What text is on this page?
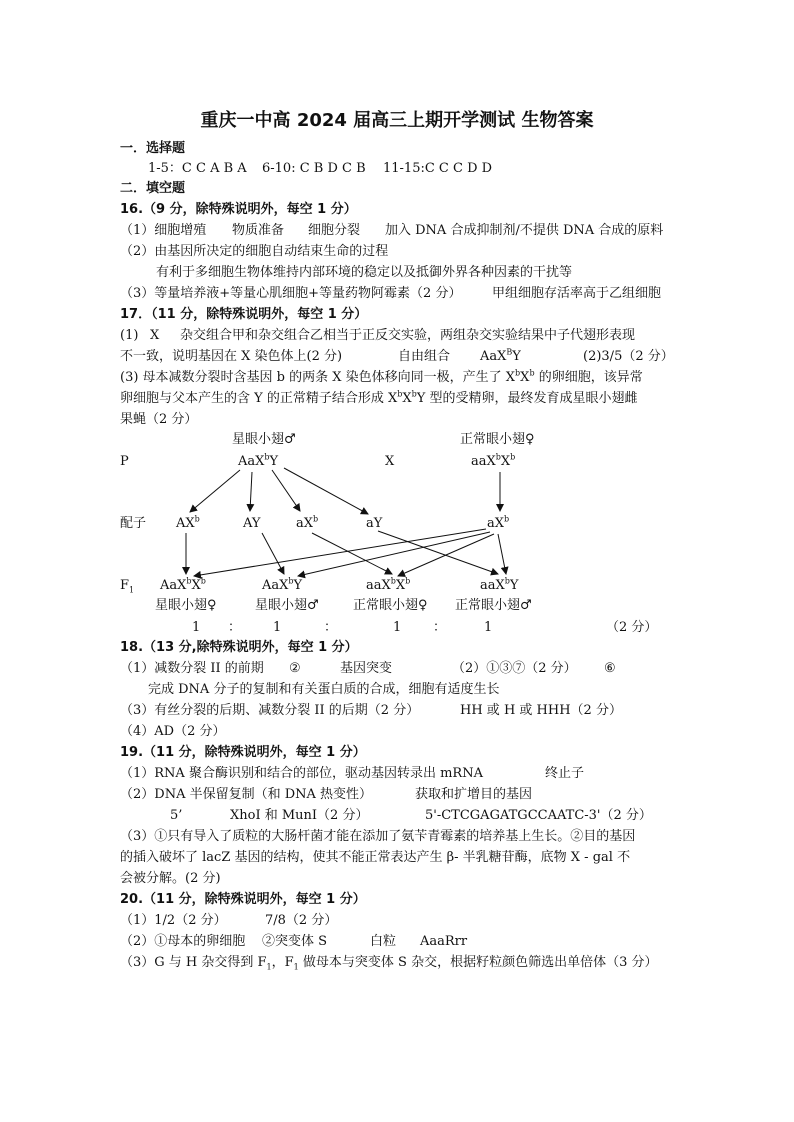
重庆一中高 2024 届高三上期开学测试 生物答案
一．选择题
1-5：C C A B A 6-10: C B D C B 11-15:C C C D D
二．填空题
16.（9 分，除特殊说明外，每空 1 分）
（1）细胞增殖 物质准备 细胞分裂 加入 DNA 合成抑制剂/不提供 DNA 合成的原料
（2）由基因所决定的细胞自动结束生命的过程
有利于多细胞生物体维持内部环境的稳定以及抵御外界各种因素的干扰等
（3）等量培养液+等量心肌细胞+等量药物阿霉素（2 分） 甲组细胞存活率高于乙组细胞
17．（11 分，除特殊说明外，每空 1 分）
(1) X 杂交组合甲和杂交组合乙相当于正反交实验，两组杂交实验结果中子代翅形表现
不一致，说明基因在 X 染色体上(2 分)	自由组合 AaX$^B$Y	(2)3/5（2 分）
(3) 母本减数分裂时含基因 b 的两条 X 染色体移向同一极，产生了 $X^bX^b$ 的卵细胞，该异常
卵细胞与父本产生的含 Y 的正常精子结合形成 $X^bX^bY$ 型的受精卵，最终发育成星眼小翅雌
果蝇（2 分）
星眼小翅♂	正常眼小翅♀
P	AaX$^b$Y	X	$aaX^bX^b$
配子 $AX^b$	AY	$aX^b$	aY	$aX^b$
$F_1$ $AaX^bX^b$	AaX$^b$Y	$aaX^bX^b$	aaX$^b$Y
星眼小翅♀	星眼小翅♂	正常眼小翅♀ 正常眼小翅♂
1 ： 1	：	1 ：	1	（2 分）
18.（13 分,除特殊说明外，每空 1 分）
（1）减数分裂 II 的前期 ②	基因突变	（2）①③⑦（2 分） ⑥
完成 DNA 分子的复制和有关蛋白质的合成，细胞有适度生长
（3）有丝分裂的后期、减数分裂 II 的后期（2 分）	HH 或 H 或 HHH（2 分）
（4）AD（2 分）
19.（11 分，除特殊说明外，每空 1 分）
（1）RNA 聚合酶识别和结合的部位，驱动基因转录出 mRNA	终止子
（2）DNA 半保留复制（和 DNA 热变性）	获取和扩增目的基因
5’	XhoI 和 MunI（2 分）	5'-CTCGAGATGCCAATC-3'（2 分）
（3）①只有导入了质粒的大肠杆菌才能在添加了氨苄青霉素的培养基上生长。②目的基因
的插入破坏了 lacZ 基因的结构，使其不能正常表达产生 β- 半乳糖苷酶，底物 X - gal 不
会被分解。(2 分)
20.（11 分，除特殊说明外，每空 1 分）
（1）1/2（2 分）	7/8（2 分）
（2）①母本的卵细胞 ②突变体 S	白粒 AaaRrr
（3）G 与 H 杂交得到 $F_1$，$F_1$ 做母本与突变体 S 杂交，根据籽粒颜色筛选出单倍体（3 分）
